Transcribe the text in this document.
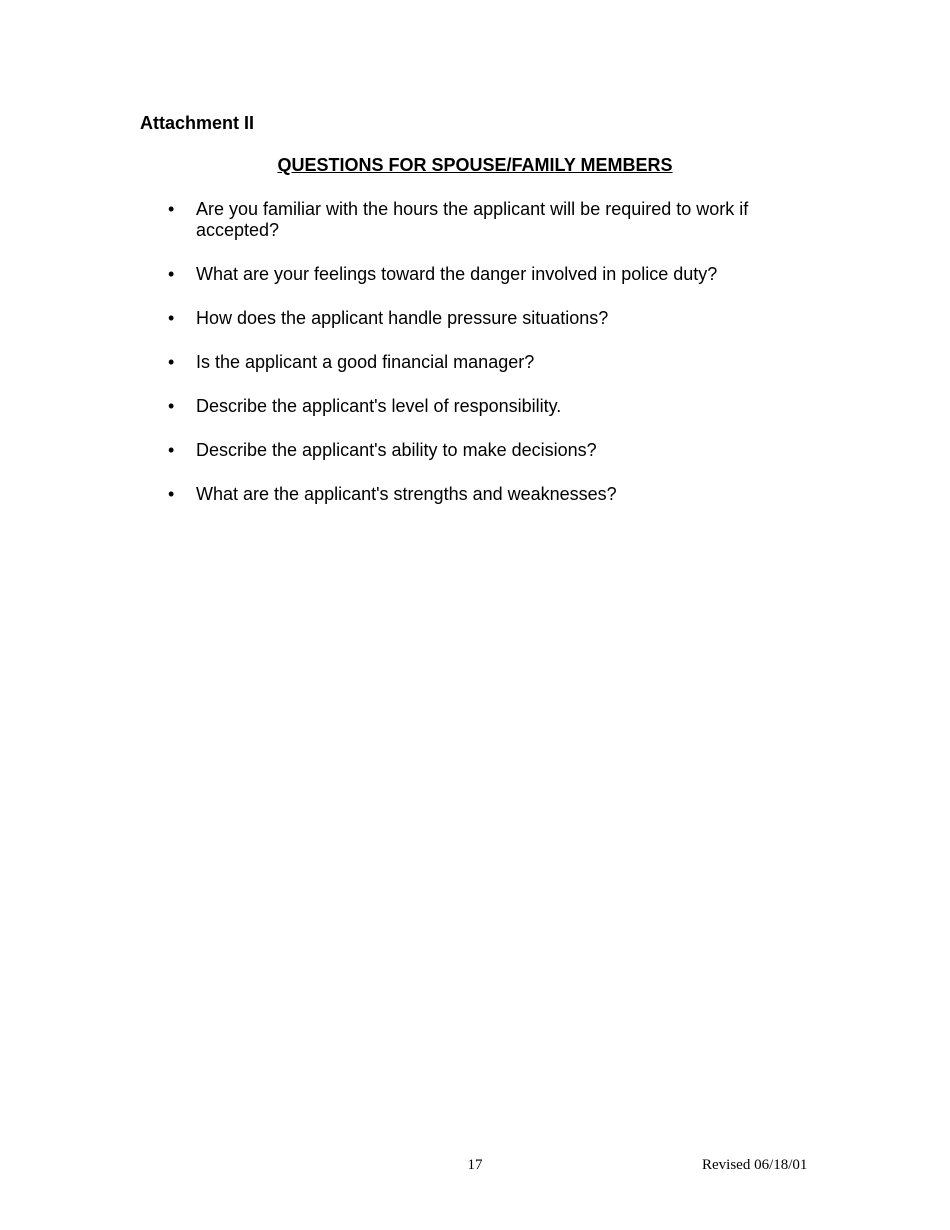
Attachment II
QUESTIONS FOR SPOUSE/FAMILY MEMBERS
• Are you familiar with the hours the applicant will be required to work if accepted?
• What are your feelings toward the danger involved in police duty?
• How does the applicant handle pressure situations?
• Is the applicant a good financial manager?
• Describe the applicant's level of responsibility.
• Describe the applicant's ability to make decisions?
• What are the applicant's strengths and weaknesses?
17	Revised 06/18/01
